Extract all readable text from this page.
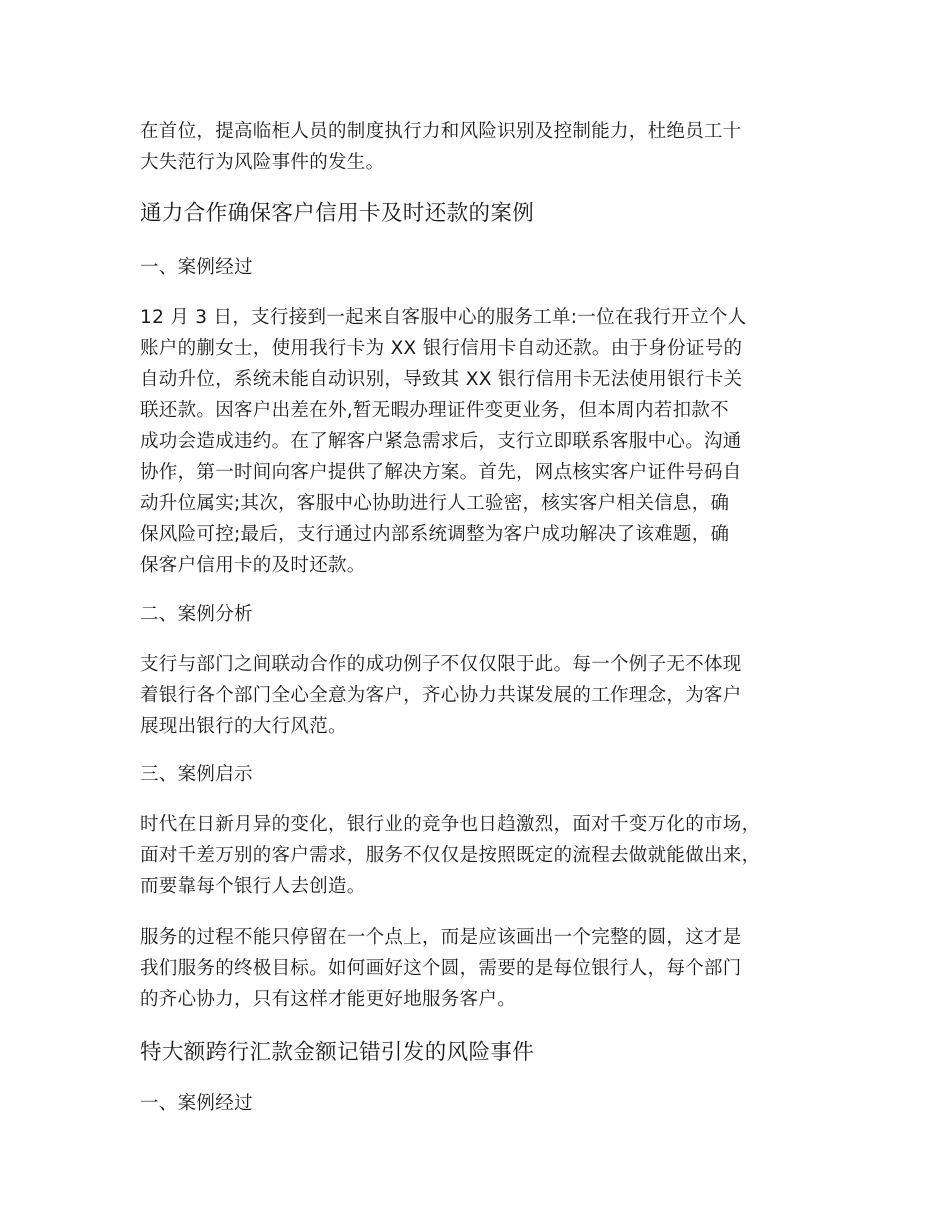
在首位，提高临柜人员的制度执行力和风险识别及控制能力，杜绝员工十
大失范行为风险事件的发生。

通力合作确保客户信用卡及时还款的案例
一、案例经过

12 月 3 日，支行接到一起来自客服中心的服务工单:一位在我行开立个人
账户的蒯女士，使用我行卡为 XX 银行信用卡自动还款。由于身份证号的
自动升位，系统未能自动识别，导致其 XX 银行信用卡无法使用银行卡关
联还款。因客户出差在外,暂无暇办理证件变更业务，但本周内若扣款不
成功会造成违约。在了解客户紧急需求后，支行立即联系客服中心。沟通
协作，第一时间向客户提供了解决方案。首先，网点核实客户证件号码自
动升位属实;其次，客服中心协助进行人工验密，核实客户相关信息，确
保风险可控;最后，支行通过内部系统调整为客户成功解决了该难题，确
保客户信用卡的及时还款。

二、案例分析

支行与部门之间联动合作的成功例子不仅仅限于此。每一个例子无不体现
着银行各个部门全心全意为客户，齐心协力共谋发展的工作理念，为客户
展现出银行的大行风范。

三、案例启示

时代在日新月异的变化，银行业的竞争也日趋激烈，面对千变万化的市场，
面对千差万别的客户需求，服务不仅仅是按照既定的流程去做就能做出来，
而要靠每个银行人去创造。

服务的过程不能只停留在一个点上，而是应该画出一个完整的圆，这才是
我们服务的终极目标。如何画好这个圆，需要的是每位银行人，每个部门
的齐心协力，只有这样才能更好地服务客户。

特大额跨行汇款金额记错引发的风险事件
一、案例经过
